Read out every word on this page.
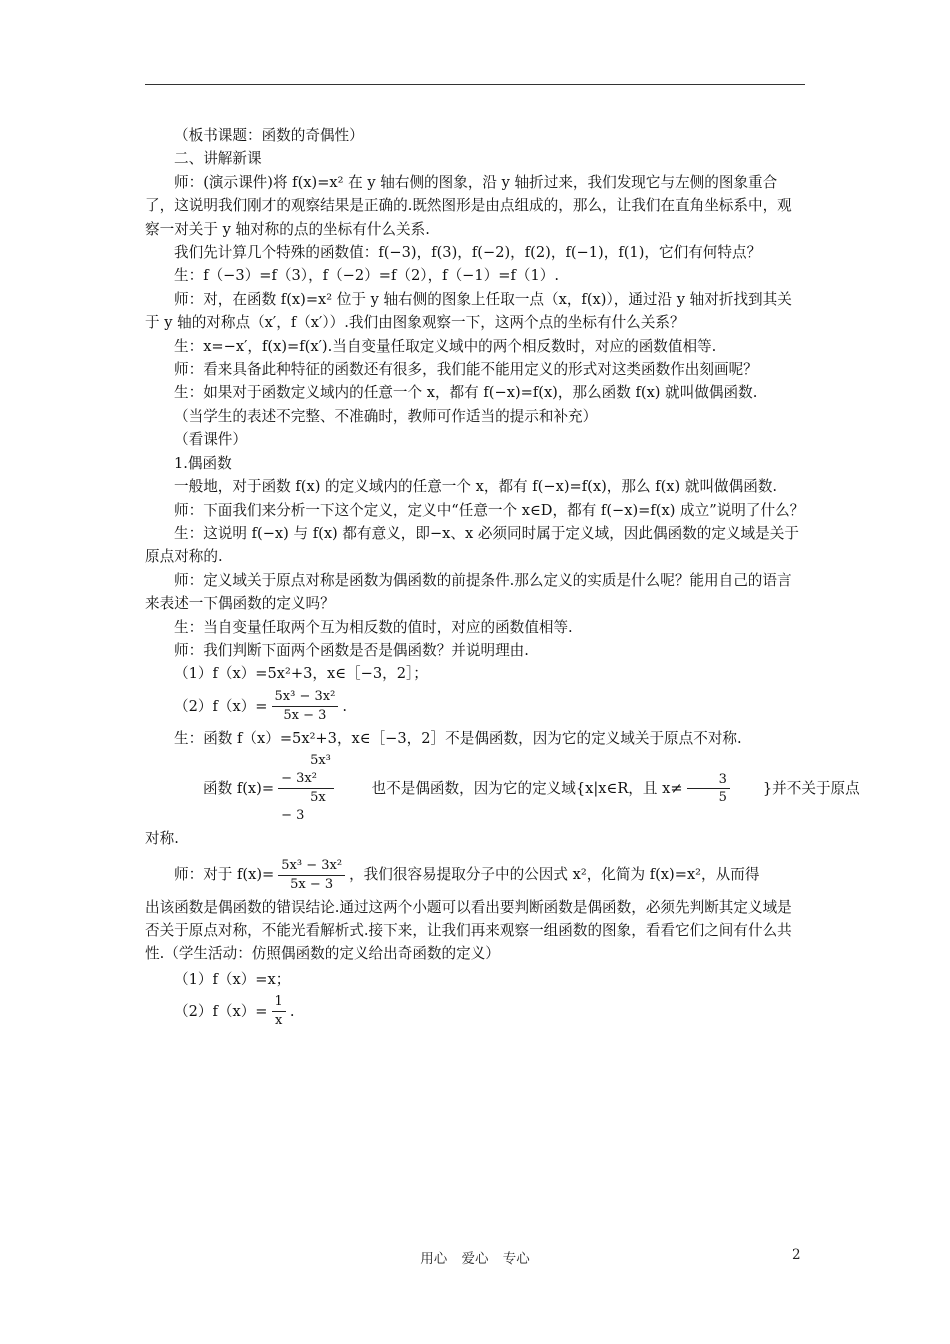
（板书课题：函数的奇偶性）

二、讲解新课

师：(演示课件)将 f(x)=x² 在 y 轴右侧的图象，沿 y 轴折过来，我们发现它与左侧的图象重合了，这说明我们刚才的观察结果是正确的.既然图形是由点组成的，那么，让我们在直角坐标系中，观察一对关于 y 轴对称的点的坐标有什么关系.

我们先计算几个特殊的函数值：f(−3)，f(3)，f(−2)，f(2)，f(−1)，f(1)，它们有何特点？

生：f（−3）=f（3），f（−2）=f（2），f（−1）=f（1）.

师：对，在函数 f(x)=x² 位于 y 轴右侧的图象上任取一点（x，f(x)），通过沿 y 轴对折找到其关于 y 轴的对称点（x′，f（x′））.我们由图象观察一下，这两个点的坐标有什么关系？

生：x=−x′，f(x)=f(x′).当自变量任取定义域中的两个相反数时，对应的函数值相等.

师：看来具备此种特征的函数还有很多，我们能不能用定义的形式对这类函数作出刻画呢？

生：如果对于函数定义域内的任意一个 x，都有 f(−x)=f(x)，那么函数 f(x) 就叫做偶函数.

（当学生的表述不完整、不准确时，教师可作适当的提示和补充）

（看课件）

1.偶函数

一般地，对于函数 f(x) 的定义域内的任意一个 x，都有 f(−x)=f(x)，那么 f(x) 就叫做偶函数.

师：下面我们来分析一下这个定义，定义中“任意一个 x∈D，都有 f(−x)=f(x) 成立”说明了什么？

生：这说明 f(−x) 与 f(x) 都有意义，即−x、x 必须同时属于定义域，因此偶函数的定义域是关于原点对称的.

师：定义域关于原点对称是函数为偶函数的前提条件.那么定义的实质是什么呢？能用自己的语言来表述一下偶函数的定义吗？

生：当自变量任取两个互为相反数的值时，对应的函数值相等.

师：我们判断下面两个函数是否是偶函数？并说明理由.

（1）f（x）=5x²+3，x∈［−3，2］；

$(2)f(x)= \frac{\text{5x³ − 3x²}}{5x - 3}$ .

生：函数 f（x）=5x²+3，x∈［−3，2］不是偶函数，因为它的定义域关于原点不对称.

函数 $f(x)= \frac{\text{5x³ − 3x²}}{5x - 3}$	也不是偶函数，因为它的定义域{x|x∈R，且 $x\ne \frac{3}{5}$	}并不关于原点

对称.

师：对于 $f(x)= \frac{\text{5x³ − 3x²}}{5x - 3}$ ，我们很容易提取分子中的公因式 x²，化简为 f(x)=x²，从而得

出该函数是偶函数的错误结论.通过这两个小题可以看出要判断函数是偶函数，必须先判断其定义域是否关于原点对称，不能光看解析式.接下来，让我们再来观察一组函数的图象，看看它们之间有什么共性.（学生活动：仿照偶函数的定义给出奇函数的定义）

（1）f（x）=x；

$(2)f(x)= \frac{1}{x}$ .
用心 爱心 专心	2
